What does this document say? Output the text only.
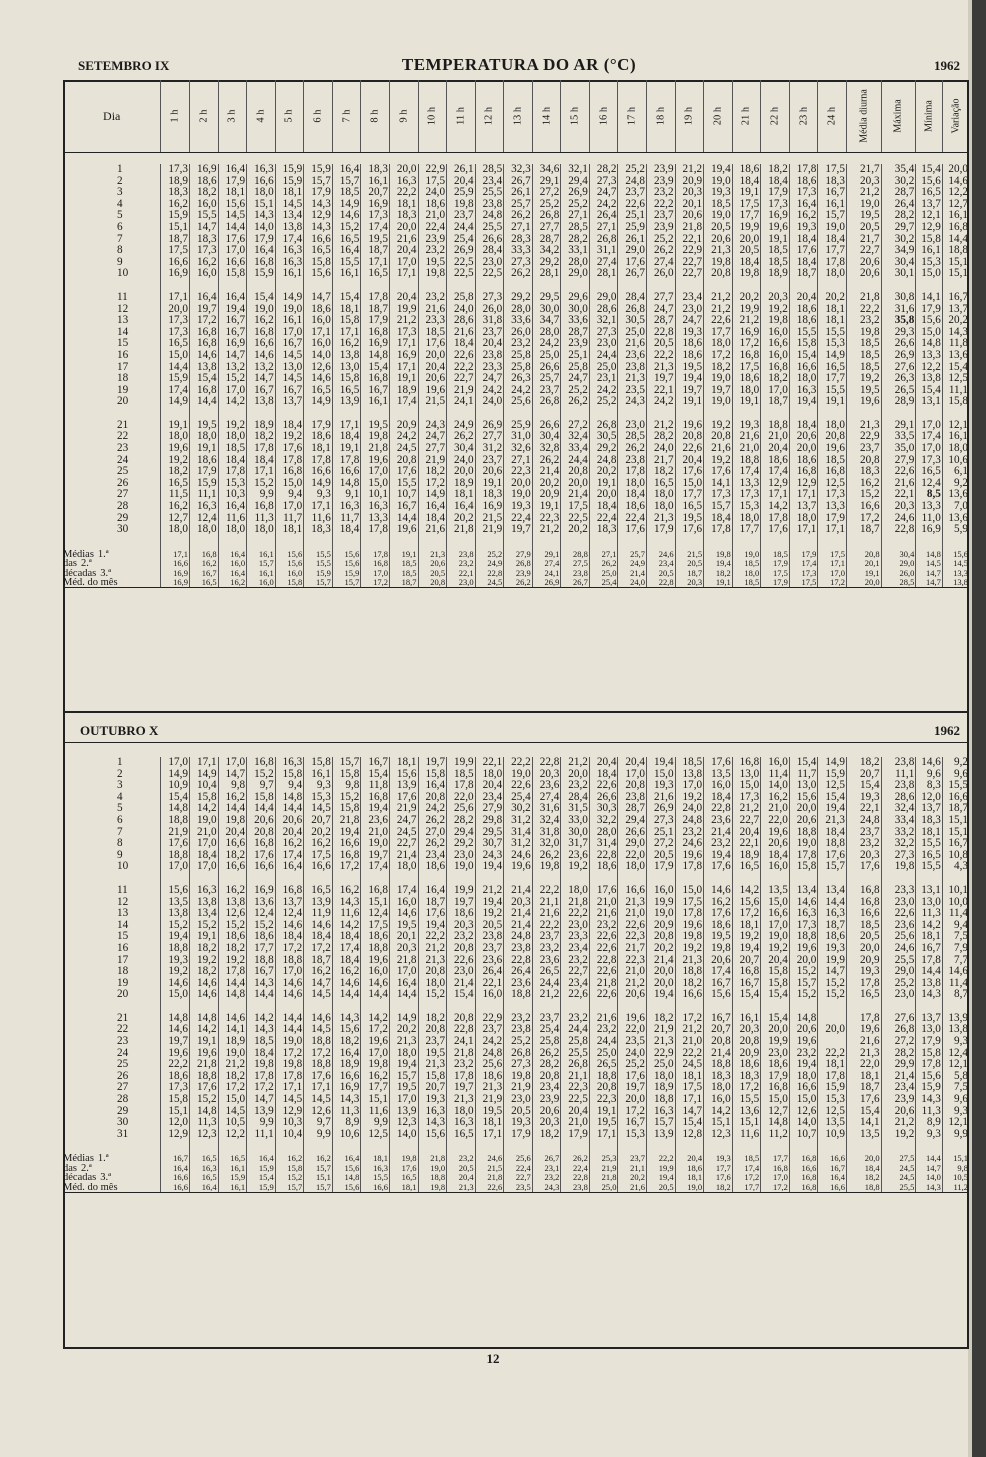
SETEMBRO IX	TEMPERATURA DO AR (°C)	1962
Dia	1 h	2 h	3 h	4 h	5 h	6 h	7 h	8 h	9 h	10 h	11 h	12 h	13 h	14 h	15 h	16 h	17 h	18 h	19 h	20 h	21 h	22 h	23 h	24 h	Média diurna	Máxima	Mínima	Variação
1	17,3	16,9	16,4	16,3	15,9	15,9	16,4	18,3	20,0	22,9	26,1	28,5	32,3	34,6	32,1	28,2	25,2	23,9	21,2	19,4	18,6	18,2	17,8	17,5	21,7	35,4	15,4	20,0
2	18,9	18,6	17,9	16,6	15,9	15,7	15,7	16,1	16,3	17,5	20,4	23,4	26,7	29,1	29,4	27,3	24,8	23,9	20,9	19,0	18,4	18,4	18,6	18,3	20,3	30,2	15,6	14,6
3	18,3	18,2	18,1	18,0	18,1	17,9	18,5	20,7	22,2	24,0	25,9	25,5	26,1	27,2	26,9	24,7	23,7	23,2	20,3	19,3	19,1	17,9	17,3	16,7	21,2	28,7	16,5	12,2
4	16,2	16,0	15,6	15,1	14,5	14,3	14,9	16,9	18,1	18,6	19,8	23,8	25,7	25,2	25,2	24,2	22,6	22,2	20,1	18,5	17,5	17,3	16,4	16,1	19,0	26,4	13,7	12,7
5	15,9	15,5	14,5	14,3	13,4	12,9	14,6	17,3	18,3	21,0	23,7	24,8	26,2	26,8	27,1	26,4	25,1	23,7	20,6	19,0	17,7	16,9	16,2	15,7	19,5	28,2	12,1	16,1
6	15,1	14,7	14,4	14,0	13,8	14,3	15,2	17,4	20,0	22,4	24,4	25,5	27,1	27,7	28,5	27,1	25,9	23,9	21,8	20,5	19,9	19,6	19,3	19,0	20,5	29,7	12,9	16,8
7	18,7	18,3	17,6	17,9	17,4	16,6	16,5	19,5	21,6	23,9	25,4	26,6	28,3	28,7	28,2	26,8	26,1	25,2	22,1	20,6	20,0	19,1	18,4	18,4	21,7	30,2	15,8	14,4
8	17,5	17,3	17,0	16,4	16,3	16,5	16,4	18,7	20,4	23,2	26,9	28,4	33,3	34,2	33,1	31,1	29,0	26,2	22,9	21,3	20,5	18,5	17,6	17,7	22,7	34,9	16,1	18,8
9	16,6	16,2	16,6	16,8	16,3	15,8	15,5	17,1	17,0	19,5	22,5	23,0	27,3	29,2	28,0	27,4	17,6	27,4	22,7	19,8	18,4	18,5	18,4	17,8	20,6	30,4	15,3	15,1
10	16,9	16,0	15,8	15,9	16,1	15,6	16,1	16,5	17,1	19,8	22,5	22,5	26,2	28,1	29,0	28,1	26,7	26,0	22,7	20,8	19,8	18,9	18,7	18,0	20,6	30,1	15,0	15,1

11	17,1	16,4	16,4	15,4	14,9	14,7	15,4	17,8	20,4	23,2	25,8	27,3	29,2	29,5	29,6	29,0	28,4	27,7	23,4	21,2	20,2	20,3	20,4	20,2	21,8	30,8	14,1	16,7
12	20,0	19,7	19,4	19,0	19,0	18,6	18,1	18,7	19,9	21,6	24,0	26,0	28,0	30,0	30,0	28,6	26,8	24,7	23,0	21,2	19,9	19,2	18,6	18,1	22,2	31,6	17,9	13,7
13	17,3	17,2	16,7	16,2	16,1	16,0	15,8	17,9	21,2	23,3	28,6	31,8	33,6	34,7	33,6	32,1	30,5	28,7	24,7	22,6	21,2	19,8	18,6	18,1	23,2	35,8	15,6	20,2
14	17,3	16,8	16,7	16,8	17,0	17,1	17,1	16,8	17,3	18,5	21,6	23,7	26,0	28,0	28,7	27,3	25,0	22,8	19,3	17,7	16,9	16,0	15,5	15,5	19,8	29,3	15,0	14,3
15	16,5	16,8	16,9	16,6	16,7	16,0	16,2	16,9	17,1	17,6	18,4	20,4	23,2	24,2	23,9	23,0	21,6	20,5	18,6	18,0	17,2	16,6	15,8	15,3	18,5	26,6	14,8	11,8
16	15,0	14,6	14,7	14,6	14,5	14,0	13,8	14,8	16,9	20,0	22,6	23,8	25,8	25,0	25,1	24,4	23,6	22,2	18,6	17,2	16,8	16,0	15,4	14,9	18,5	26,9	13,3	13,6
17	14,4	13,8	13,2	13,2	13,0	12,6	13,0	15,4	17,1	20,4	22,2	23,3	25,8	26,6	25,8	25,0	23,8	21,3	19,5	18,2	17,5	16,8	16,6	16,5	18,5	27,6	12,2	15,4
18	15,9	15,4	15,2	14,7	14,5	14,6	15,8	16,8	19,1	20,6	22,7	24,7	26,3	25,7	24,7	23,1	21,3	19,7	19,4	19,0	18,6	18,2	18,0	17,7	19,2	26,3	13,8	12,5
19	17,4	16,8	17,0	16,7	16,7	16,5	16,5	16,7	18,9	19,6	21,9	24,2	24,2	23,7	25,2	24,2	23,5	22,1	19,7	19,7	18,0	17,0	16,3	15,5	19,5	26,5	15,4	11,1
20	14,9	14,4	14,2	13,8	13,7	14,9	13,9	16,1	17,4	21,5	24,1	24,0	25,6	26,8	26,2	25,2	24,3	24,2	19,1	19,0	19,1	18,7	19,4	19,1	19,6	28,9	13,1	15,8

21	19,1	19,5	19,2	18,9	18,4	17,9	17,1	19,5	20,9	24,3	24,9	26,9	25,9	26,6	27,2	26,8	23,0	21,2	19,6	19,2	19,3	18,8	18,4	18,0	21,3	29,1	17,0	12,1
22	18,0	18,0	18,0	18,2	19,2	18,6	18,4	19,8	24,2	24,7	26,2	27,7	31,0	30,4	32,4	30,5	28,5	28,2	20,8	20,8	21,6	21,0	20,6	20,8	22,9	33,5	17,4	16,1
23	19,6	19,1	18,5	17,8	17,6	18,1	19,1	21,8	24,5	27,7	30,4	31,2	32,6	32,8	33,4	29,2	26,2	24,0	22,6	21,6	21,0	20,4	20,0	19,6	23,7	35,0	17,0	18,0
24	19,2	18,6	18,4	18,4	17,8	17,8	17,8	19,6	20,8	21,9	24,0	23,7	27,1	26,2	24,4	24,8	23,8	21,7	20,4	19,2	18,8	18,6	18,6	18,5	20,8	27,9	17,3	10,6
25	18,2	17,9	17,8	17,1	16,8	16,6	16,6	17,0	17,6	18,2	20,0	20,6	22,3	21,4	20,8	20,2	17,8	18,2	17,6	17,6	17,4	17,4	16,8	16,8	18,3	22,6	16,5	6,1
26	16,5	15,9	15,3	15,2	15,0	14,9	14,8	15,0	15,5	17,2	18,9	19,1	20,0	20,2	20,0	19,1	18,0	16,5	15,0	14,1	13,3	12,9	12,9	12,5	16,2	21,6	12,4	9,2
27	11,5	11,1	10,3	9,9	9,4	9,3	9,1	10,1	10,7	14,9	18,1	18,3	19,0	20,9	21,4	20,0	18,4	18,0	17,7	17,3	17,3	17,1	17,1	17,3	15,2	22,1	8,5	13,6
28	16,2	16,3	16,4	16,8	17,0	17,1	16,3	16,3	16,7	16,4	16,4	16,9	19,3	19,1	17,5	18,4	18,6	18,0	16,5	15,7	15,3	14,2	13,7	13,3	16,6	20,3	13,3	7,0
29	12,7	12,4	11,6	11,3	11,7	11,6	11,7	13,3	14,4	18,4	20,2	21,5	22,4	22,3	22,5	22,4	22,4	21,3	19,5	18,4	18,0	17,8	18,0	17,9	17,2	24,6	11,0	13,6
30	18,0	18,0	18,0	18,0	18,1	18,3	18,4	17,8	19,6	21,6	21,8	21,9	19,7	21,2	20,2	18,3	17,6	17,9	17,6	17,8	17,7	17,6	17,1	17,1	18,7	22,8	16,9	5,9

Médias 1.ª	17,1	16,8	16,4	16,1	15,6	15,5	15,6	17,8	19,1	21,3	23,8	25,2	27,9	29,1	28,8	27,1	25,7	24,6	21,5	19,8	19,0	18,5	17,9	17,5	20,8	30,4	14,8	15,6
das 2.ª	16,6	16,2	16,0	15,7	15,6	15,5	15,6	16,8	18,5	20,6	23,2	24,9	26,8	27,4	27,5	26,2	24,9	23,4	20,5	19,4	18,5	17,9	17,4	17,1	20,1	29,0	14,5	14,5
décadas 3.ª	16,9	16,7	16,4	16,1	16,0	15,9	15,9	17,0	18,5	20,5	22,1	22,8	23,9	24,1	23,8	25,0	21,4	20,5	18,7	18,2	18,0	17,5	17,3	17,0	19,1	26,0	14,7	13,3
Méd. do mês	16,9	16,5	16,2	16,0	15,8	15,7	15,7	17,2	18,7	20,8	23,0	24,5	26,2	26,9	26,7	25,4	24,0	22,8	20,3	19,1	18,5	17,9	17,5	17,2	20,0	28,5	14,7	13,8
OUTUBRO X	1962
1	17,0	17,1	17,0	16,8	16,3	15,8	15,7	16,7	18,1	19,7	19,9	22,1	22,2	22,8	21,2	20,4	20,4	19,4	18,5	17,6	16,8	16,0	15,4	14,9	18,2	23,8	14,6	9,2
2	14,9	14,9	14,7	15,2	15,8	16,1	15,8	15,4	15,6	15,8	18,5	18,0	19,0	20,3	20,0	18,4	17,0	15,0	13,8	13,5	13,0	11,4	11,7	15,9	20,7	11,1	9,6	9,6
3	10,9	10,4	9,8	9,7	9,4	9,3	9,8	11,8	13,9	16,4	17,8	20,4	22,6	23,6	23,2	22,6	20,8	19,3	17,0	16,0	15,0	14,0	13,0	12,5	15,4	23,8	8,3	15,5
4	15,4	15,8	16,2	15,8	14,8	15,3	15,2	16,8	17,6	20,8	22,0	23,4	25,4	27,4	28,4	26,6	23,8	21,6	19,2	18,4	17,3	16,2	15,6	15,4	19,3	28,6	12,0	16,6
5	14,8	14,2	14,4	14,4	14,4	14,5	15,8	19,4	21,9	24,2	25,6	27,9	30,2	31,6	31,5	30,3	28,7	26,9	24,0	22,8	21,2	21,0	20,0	19,4	22,1	32,4	13,7	18,7
6	18,8	19,0	19,8	20,6	20,6	20,7	21,8	23,6	24,7	26,2	28,2	29,8	31,2	32,4	33,0	32,2	29,4	27,3	24,8	23,6	22,7	22,0	20,6	21,3	24,8	33,4	18,3	15,1
7	21,9	21,0	20,4	20,8	20,4	20,2	19,4	21,0	24,5	27,0	29,4	29,5	31,4	31,8	30,0	28,0	26,6	25,1	23,2	21,4	20,4	19,6	18,8	18,4	23,7	33,2	18,1	15,1
8	17,6	17,0	16,6	16,8	16,2	16,2	16,6	19,0	22,7	26,2	29,2	30,7	31,2	32,0	31,7	31,4	29,0	27,2	24,6	23,2	22,1	20,6	19,0	18,8	23,2	32,2	15,5	16,7
9	18,8	18,4	18,2	17,6	17,4	17,5	16,8	19,7	21,4	23,4	23,0	24,3	24,6	26,2	23,6	22,8	22,0	20,5	19,6	19,4	18,9	18,4	17,8	17,6	20,3	27,3	16,5	10,8
10	17,0	17,0	16,6	16,6	16,4	16,6	17,2	17,4	18,0	18,6	19,0	19,4	19,6	19,8	19,2	18,6	18,0	17,9	17,8	17,6	16,5	16,0	15,8	15,7	17,6	19,8	15,5	4,3

11	15,6	16,3	16,2	16,9	16,8	16,5	16,2	16,8	17,4	16,4	19,9	21,2	21,4	22,2	18,0	17,6	16,6	16,0	15,0	14,6	14,2	13,5	13,4	13,4	16,8	23,3	13,1	10,1
12	13,5	13,8	13,8	13,6	13,7	13,9	14,3	15,1	16,0	18,7	19,7	19,4	20,3	21,1	21,8	21,0	21,3	19,9	17,5	16,2	15,6	15,0	14,6	14,4	16,8	23,0	13,0	10,0
13	13,8	13,4	12,6	12,4	12,4	11,9	11,6	12,4	14,6	17,6	18,6	19,2	21,4	21,6	22,2	21,6	21,0	19,0	17,8	17,6	17,2	16,6	16,3	16,3	16,6	22,6	11,3	11,4
14	15,2	15,2	15,2	15,2	14,6	14,6	14,2	17,5	19,5	19,4	20,3	20,5	21,4	22,2	23,0	23,2	22,6	20,9	19,6	18,6	18,1	17,0	17,3	18,7	18,5	23,6	14,2	9,4
15	19,4	19,1	18,6	18,6	18,4	18,4	18,4	18,6	20,1	22,2	23,2	23,8	24,8	23,7	23,3	22,6	22,3	20,8	19,8	19,5	19,2	19,0	18,8	18,6	20,5	25,6	18,1	7,5
16	18,8	18,2	18,2	17,7	17,2	17,2	17,4	18,8	20,3	21,2	20,8	23,7	23,8	23,2	23,4	22,6	21,7	20,2	19,2	19,8	19,4	19,2	19,6	19,3	20,0	24,6	16,7	7,9
17	19,3	19,2	19,2	18,8	18,8	18,7	18,4	19,6	21,8	21,3	22,6	23,6	22,8	23,6	23,2	22,8	22,3	21,4	21,3	20,6	20,7	20,4	20,0	19,9	20,9	25,5	17,8	7,7
18	19,2	18,2	17,8	16,7	17,0	16,2	16,2	16,0	17,0	20,8	23,0	26,4	26,4	26,5	22,7	22,6	21,0	20,0	18,8	17,4	16,8	15,8	15,2	14,7	19,3	29,0	14,4	14,6
19	14,6	14,6	14,4	14,3	14,6	14,7	14,6	14,6	16,4	18,0	21,4	22,1	23,6	24,4	23,4	21,8	21,2	20,0	18,2	16,7	16,7	15,8	15,7	15,2	17,8	25,2	13,8	11,4
20	15,0	14,6	14,8	14,4	14,6	14,5	14,4	14,4	14,4	15,2	15,4	16,0	18,8	21,2	22,6	22,6	20,6	19,4	16,6	15,6	15,4	15,4	15,2	15,2	16,5	23,0	14,3	8,7

21	14,8	14,8	14,6	14,2	14,4	14,6	14,3	14,2	14,9	18,2	20,8	22,9	23,2	23,7	23,2	21,6	19,6	18,2	17,2	16,7	16,1	15,4	14,8		17,8	27,6	13,7	13,9
22	14,6	14,2	14,1	14,3	14,4	14,5	15,6	17,2	20,2	20,8	22,8	23,7	23,8	25,4	24,4	23,2	22,0	21,9	21,2	20,7	20,3	20,0	20,6	20,0	19,6	26,8	13,0	13,8
23	19,7	19,1	18,9	18,5	19,0	18,8	18,2	19,6	21,3	23,7	24,1	24,2	25,2	25,8	25,8	24,4	23,5	21,3	21,0	20,8	20,8	19,9	19,6		21,6	27,2	17,9	9,3
24	19,6	19,6	19,0	18,4	17,2	17,2	16,4	17,0	18,0	19,5	21,8	24,8	26,8	26,2	25,5	25,0	24,0	22,9	22,2	21,4	20,9	23,0	23,2	22,2	21,3	28,2	15,8	12,4
25	22,2	21,8	21,2	19,8	19,8	18,8	18,9	19,8	19,4	21,3	23,2	25,6	27,3	28,2	26,8	26,5	25,2	25,0	24,5	18,8	18,6	18,6	19,4	18,1	22,0	29,9	17,8	12,1
26	18,6	18,8	18,2	17,8	17,8	17,6	16,6	16,2	15,7	15,8	17,8	18,6	19,8	20,8	21,1	18,8	17,6	18,0	18,1	18,3	18,3	17,9	18,0	17,8	18,1	21,4	15,6	5,8
27	17,3	17,6	17,2	17,2	17,1	17,1	16,9	17,7	19,5	20,7	19,7	21,3	21,9	23,4	22,3	20,8	19,7	18,9	17,5	18,0	17,2	16,8	16,6	15,9	18,7	23,4	15,9	7,5
28	15,8	15,2	15,0	14,7	14,5	14,5	14,3	15,1	17,0	19,3	21,3	21,9	23,0	23,9	22,5	22,3	20,0	18,8	17,1	16,0	15,5	15,0	15,0	15,3	17,6	23,9	14,3	9,6
29	15,1	14,8	14,5	13,9	12,9	12,6	11,3	11,6	13,9	16,3	18,0	19,5	20,5	20,6	20,4	19,1	17,2	16,3	14,7	14,2	13,6	12,7	12,6	12,5	15,4	20,6	11,3	9,3
30	12,0	11,3	10,5	9,9	10,3	9,7	8,9	9,9	12,3	14,3	16,3	18,1	19,3	20,3	21,0	19,5	16,7	15,7	15,4	15,1	15,1	14,8	14,0	13,5	14,1	21,2	8,9	12,1
31	12,9	12,3	12,2	11,1	10,4	9,9	10,6	12,5	14,0	15,6	16,5	17,1	17,9	18,2	17,9	17,1	15,3	13,9	12,8	12,3	11,6	11,2	10,7	10,9	13,5	19,2	9,3	9,9

Médias 1.ª	16,7	16,5	16,5	16,4	16,2	16,2	16,4	18,1	19,8	21,8	23,2	24,6	25,6	26,7	26,2	25,3	23,7	22,2	20,4	19,3	18,5	17,7	16,8	16,6	20,0	27,5	14,4	15,1
das 2.ª	16,4	16,3	16,1	15,9	15,8	15,7	15,6	16,3	17,6	19,0	20,5	21,5	22,4	23,1	22,4	21,9	21,1	19,9	18,6	17,7	17,4	16,8	16,6	16,7	18,4	24,5	14,7	9,8
décadas 3.ª	16,6	16,5	15,9	15,4	15,2	15,1	14,8	15,5	16,5	18,8	20,4	21,8	22,7	23,2	22,8	21,8	20,2	19,4	18,1	17,6	17,2	17,0	16,8	16,4	18,2	24,5	14,0	10,5
Méd. do mês	16,6	16,4	16,1	15,9	15,7	15,7	15,6	16,6	18,1	19,8	21,3	22,6	23,5	24,3	23,8	25,0	21,6	20,5	19,0	18,2	17,7	17,2	16,8	16,6	18,8	25,5	14,3	11,2
12
